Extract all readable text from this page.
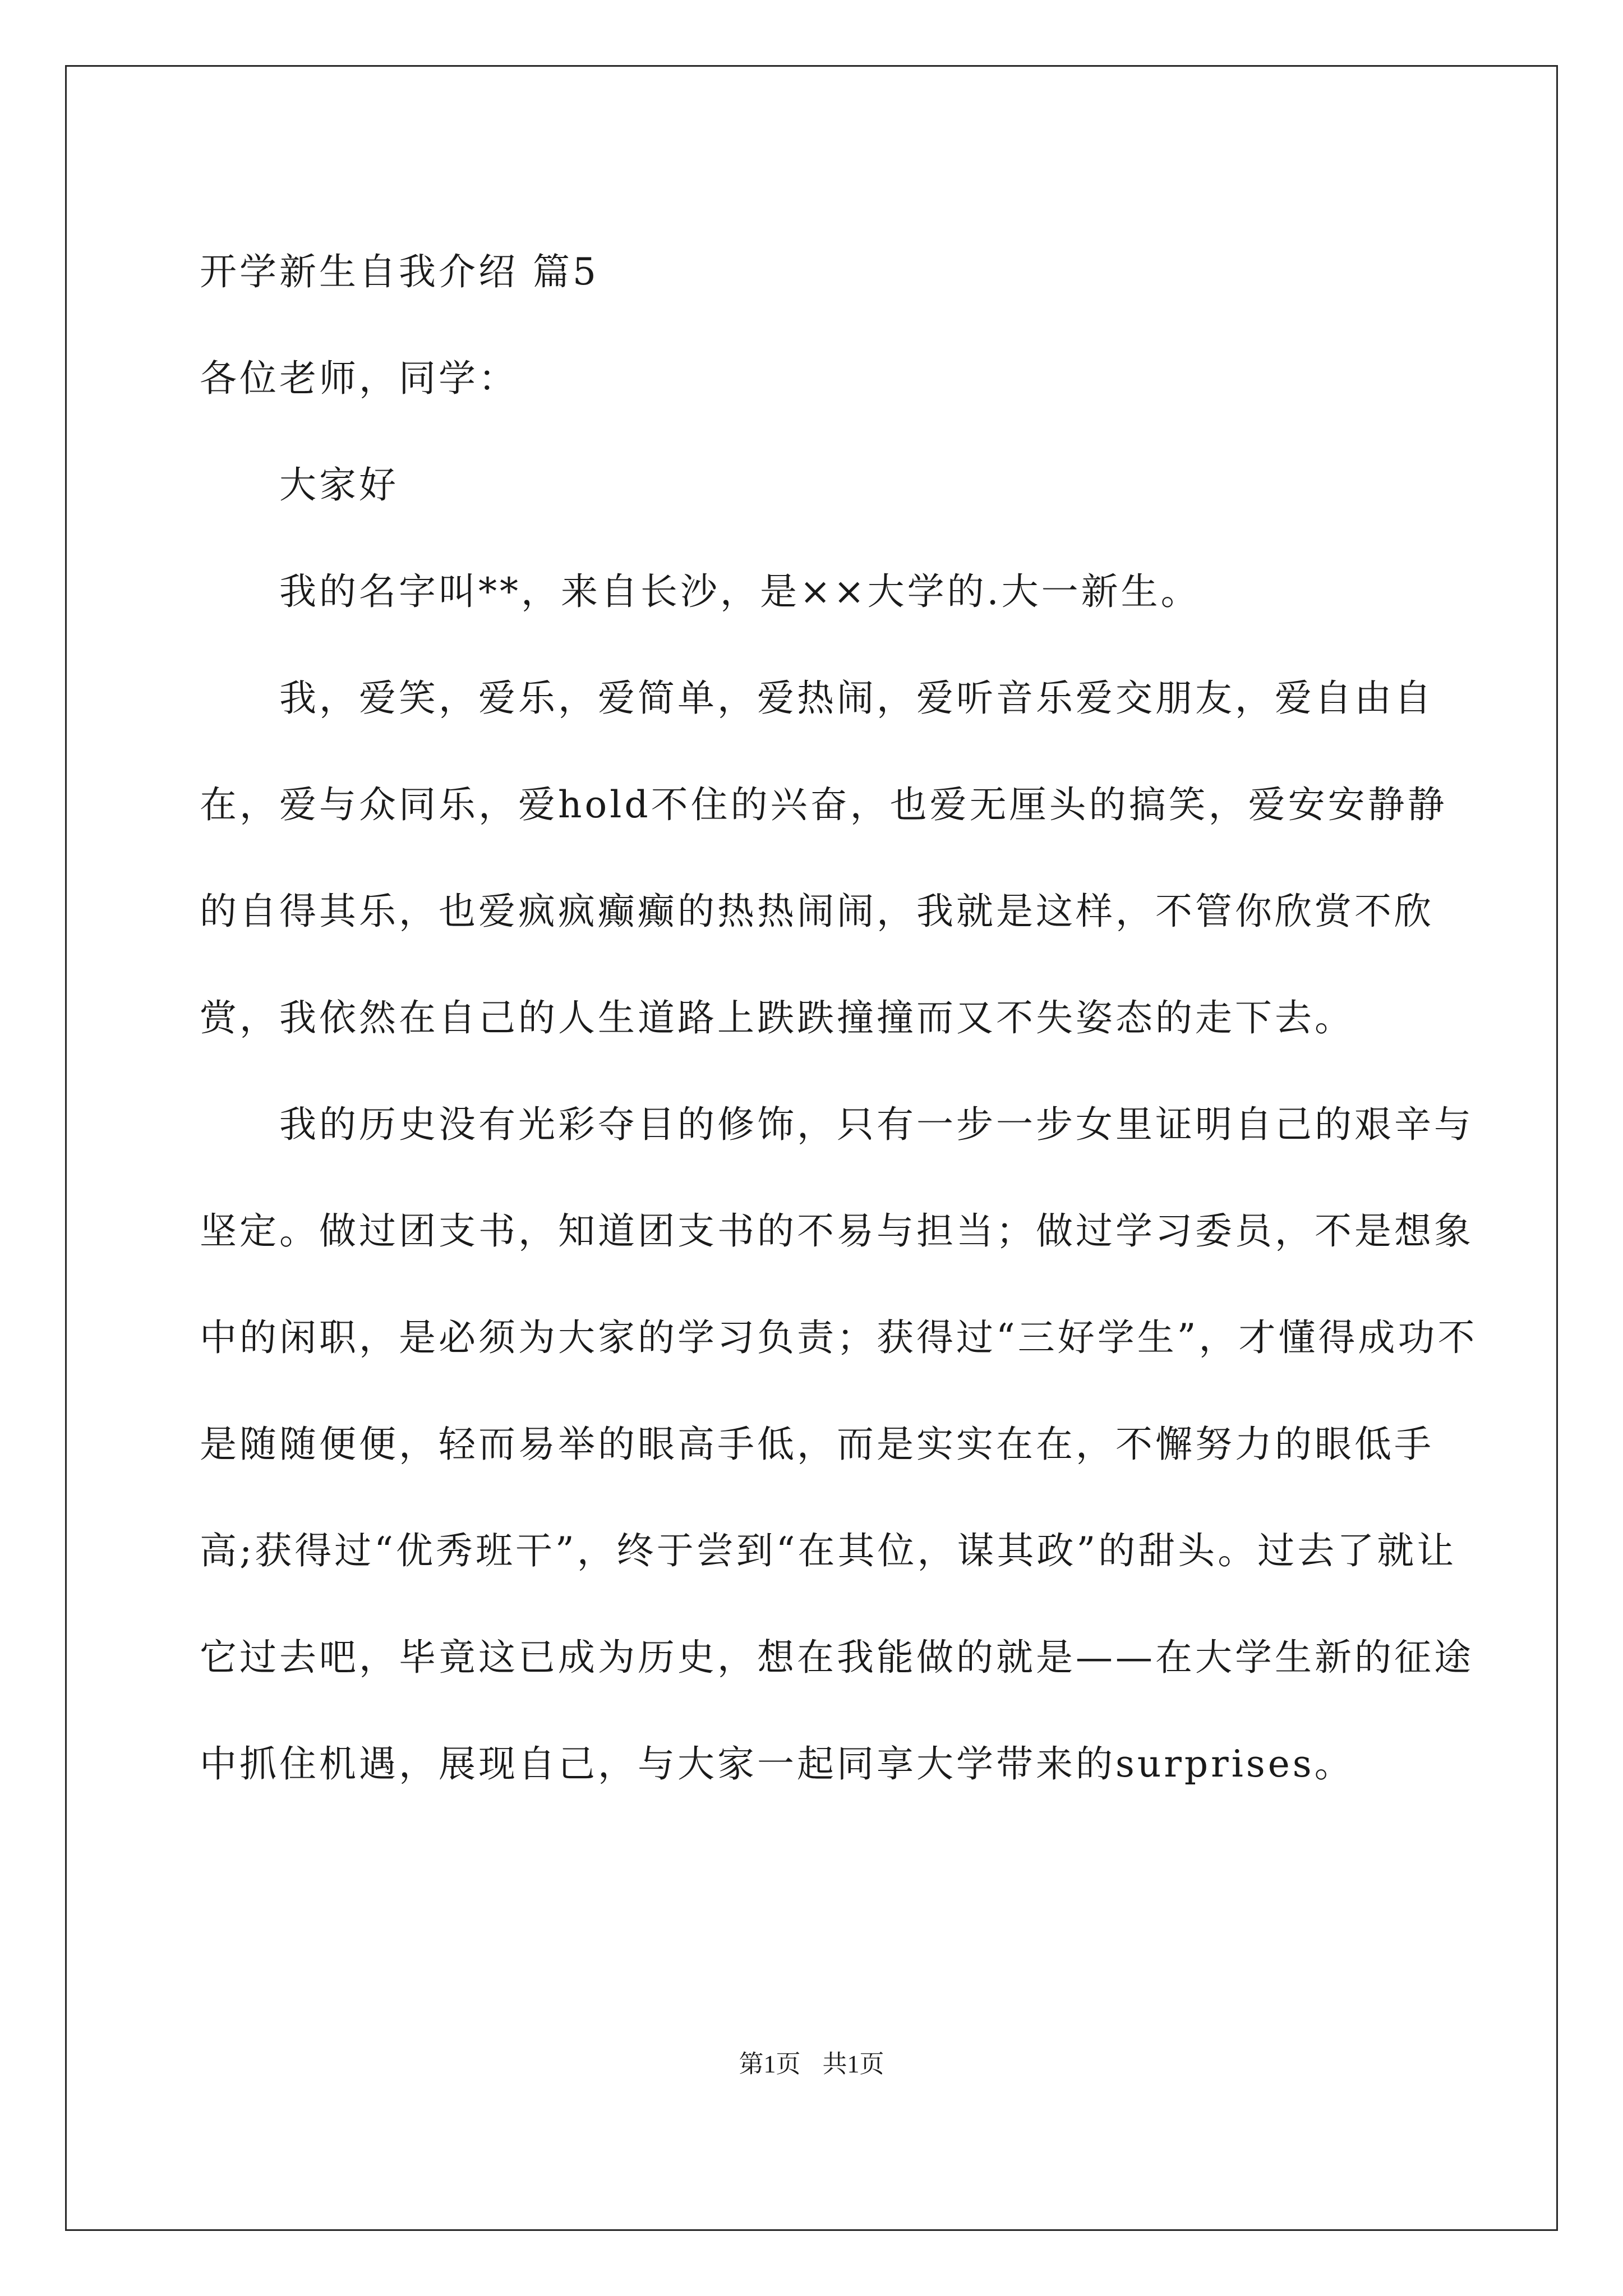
开学新生自我介绍 篇5

各位老师，同学：

大家好

我的名字叫**，来自长沙，是××大学的.大一新生。

我，爱笑，爱乐，爱简单，爱热闹，爱听音乐爱交朋友，爱自由自在，爱与众同乐，爱hold不住的兴奋，也爱无厘头的搞笑，爱安安静静的自得其乐，也爱疯疯癫癫的热热闹闹，我就是这样，不管你欣赏不欣赏，我依然在自己的人生道路上跌跌撞撞而又不失姿态的走下去。

我的历史没有光彩夺目的修饰，只有一步一步女里证明自己的艰辛与坚定。做过团支书，知道团支书的不易与担当；做过学习委员，不是想象中的闲职，是必须为大家的学习负责；获得过“三好学生”，才懂得成功不是随随便便，轻而易举的眼高手低，而是实实在在，不懈努力的眼低手高;获得过“优秀班干”，终于尝到“在其位，谋其政”的甜头。过去了就让它过去吧，毕竟这已成为历史，想在我能做的就是——在大学生新的征途中抓住机遇，展现自己，与大家一起同享大学带来的surprises。

第1页 共1页
